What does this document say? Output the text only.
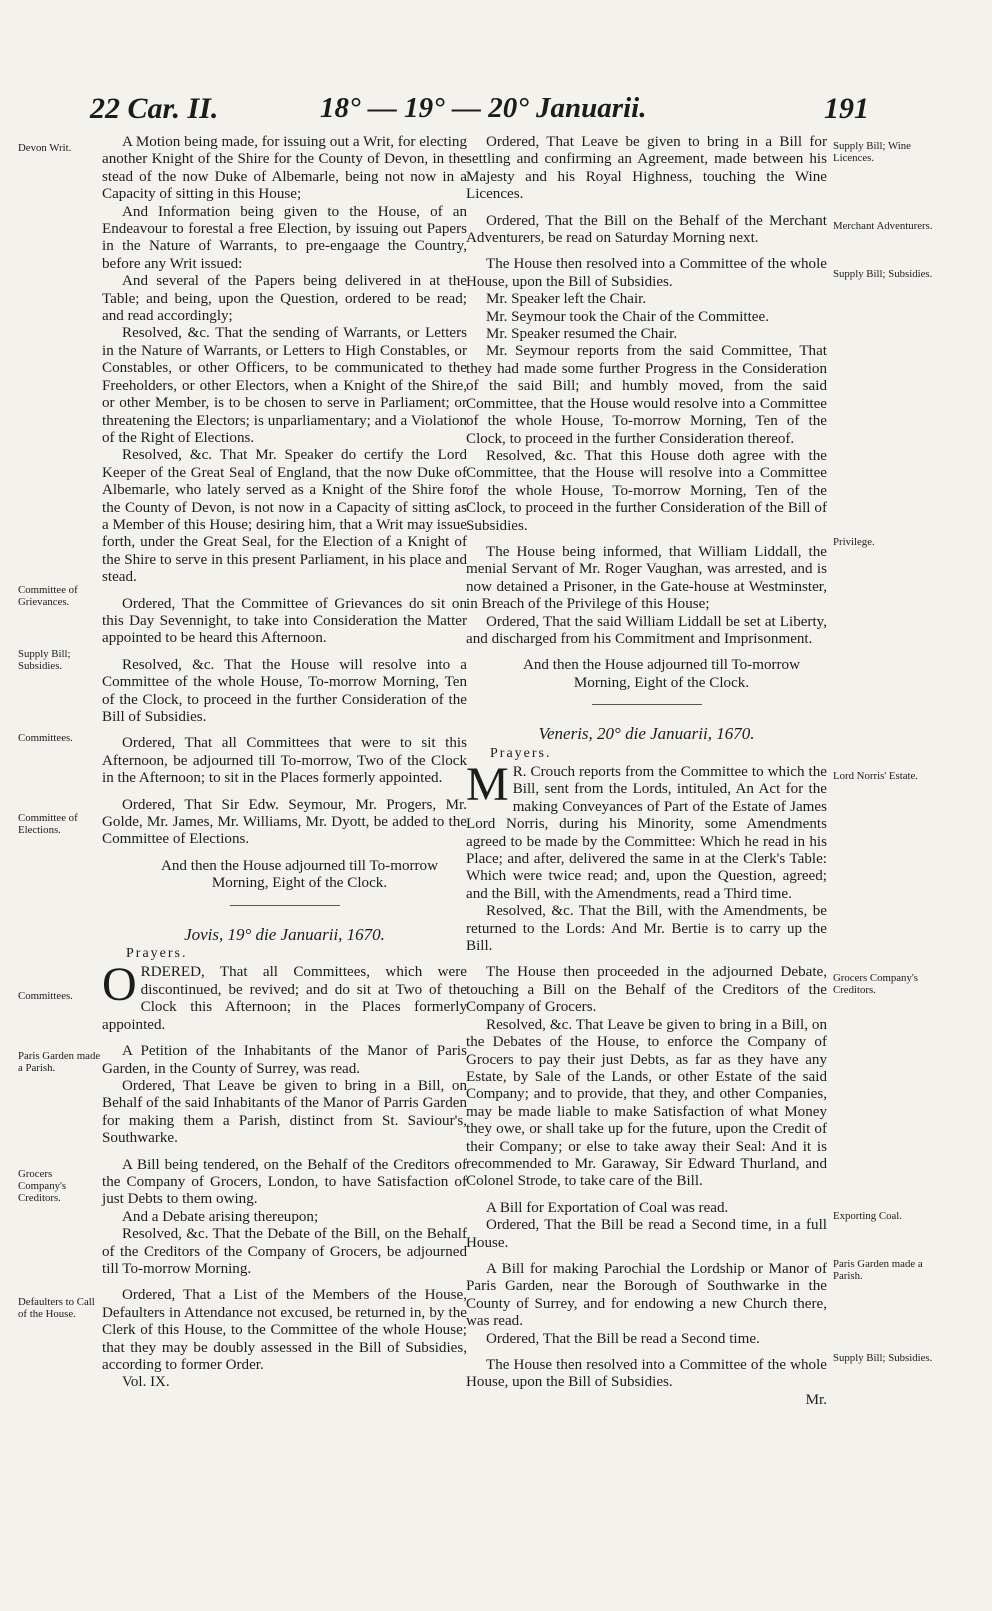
22 Car. II.	18° — 19° — 20° Januarii.	191
Devon Writ.
Committee of Grievances.
Supply Bill; Subsidies.
Committees.
Committee of Elections.
Committees.
Paris Garden made a Parish.
Grocers Company's Creditors.
Defaulters to Call of the House.
Supply Bill; Wine Licences.
Merchant Adventurers.
Supply Bill; Subsidies.
Privilege.
Lord Norris' Estate.
Grocers Company's Creditors.
Exporting Coal.
Paris Garden made a Parish.
Supply Bill; Subsidies.

A Motion being made, for issuing out a Writ, for electing another Knight of the Shire for the County of Devon, in the stead of the now Duke of Albemarle, being not now in a Capacity of sitting in this House;

And Information being given to the House, of an Endeavour to forestal a free Election, by issuing out Papers in the Nature of Warrants, to pre-engaage the Country, before any Writ issued:

And several of the Papers being delivered in at the Table; and being, upon the Question, ordered to be read; and read accordingly;

Resolved, &c. That the sending of Warrants, or Letters in the Nature of Warrants, or Letters to High Constables, or Constables, or other Officers, to be communicated to the Freeholders, or other Electors, when a Knight of the Shire, or other Member, is to be chosen to serve in Parliament; or threatening the Electors; is unparliamentary; and a Violation of the Right of Elections.

Resolved, &c. That Mr. Speaker do certify the Lord Keeper of the Great Seal of England, that the now Duke of Albemarle, who lately served as a Knight of the Shire for the County of Devon, is not now in a Capacity of sitting as a Member of this House; desiring him, that a Writ may issue forth, under the Great Seal, for the Election of a Knight of the Shire to serve in this present Parliament, in his place and stead.

Ordered, That the Committee of Grievances do sit on this Day Sevennight, to take into Consideration the Matter appointed to be heard this Afternoon.

Resolved, &c. That the House will resolve into a Committee of the whole House, To-morrow Morning, Ten of the Clock, to proceed in the further Consideration of the Bill of Subsidies.

Ordered, That all Committees that were to sit this Afternoon, be adjourned till To-morrow, Two of the Clock in the Afternoon; to sit in the Places formerly appointed.

Ordered, That Sir Edw. Seymour, Mr. Progers, Mr. Golde, Mr. James, Mr. Williams, Mr. Dyott, be added to the Committee of Elections.

And then the House adjourned till To-morrow Morning, Eight of the Clock.

Jovis, 19° die Januarii, 1670.
Prayers.

ORDERED, That all Committees, which were discontinued, be revived; and do sit at Two of the Clock this Afternoon; in the Places formerly appointed.

A Petition of the Inhabitants of the Manor of Paris Garden, in the County of Surrey, was read.

Ordered, That Leave be given to bring in a Bill, on Behalf of the said Inhabitants of the Manor of Parris Garden for making them a Parish, distinct from St. Saviour's, Southwarke.

A Bill being tendered, on the Behalf of the Creditors of the Company of Grocers, London, to have Satisfaction of just Debts to them owing.

And a Debate arising thereupon;

Resolved, &c. That the Debate of the Bill, on the Behalf of the Creditors of the Company of Grocers, be adjourned till To-morrow Morning.

Ordered, That a List of the Members of the House, Defaulters in Attendance not excused, be returned in, by the Clerk of this House, to the Committee of the whole House; that they may be doubly assessed in the Bill of Subsidies, according to former Order.

Vol. IX.

Ordered, That Leave be given to bring in a Bill for settling and confirming an Agreement, made between his Majesty and his Royal Highness, touching the Wine Licences.

Ordered, That the Bill on the Behalf of the Merchant Adventurers, be read on Saturday Morning next.

The House then resolved into a Committee of the whole House, upon the Bill of Subsidies.

Mr. Speaker left the Chair.

Mr. Seymour took the Chair of the Committee.

Mr. Speaker resumed the Chair.

Mr. Seymour reports from the said Committee, That they had made some further Progress in the Consideration of the said Bill; and humbly moved, from the said Committee, that the House would resolve into a Committee of the whole House, To-morrow Morning, Ten of the Clock, to proceed in the further Consideration thereof.

Resolved, &c. That this House doth agree with the Committee, that the House will resolve into a Committee of the whole House, To-morrow Morning, Ten of the Clock, to proceed in the further Consideration of the Bill of Subsidies.

The House being informed, that William Liddall, the menial Servant of Mr. Roger Vaughan, was arrested, and is now detained a Prisoner, in the Gate-house at Westminster, in Breach of the Privilege of this House;

Ordered, That the said William Liddall be set at Liberty, and discharged from his Commitment and Imprisonment.

And then the House adjourned till To-morrow Morning, Eight of the Clock.

Veneris, 20° die Januarii, 1670.
Prayers.

M R. Crouch reports from the Committee to which the Bill, sent from the Lords, intituled, An Act for the making Conveyances of Part of the Estate of James Lord Norris, during his Minority, some Amendments agreed to be made by the Committee: Which he read in his Place; and after, delivered the same in at the Clerk's Table: Which were twice read; and, upon the Question, agreed; and the Bill, with the Amendments, read a Third time.

Resolved, &c. That the Bill, with the Amendments, be returned to the Lords: And Mr. Bertie is to carry up the Bill.

The House then proceeded in the adjourned Debate, touching a Bill on the Behalf of the Creditors of the Company of Grocers.

Resolved, &c. That Leave be given to bring in a Bill, on the Debates of the House, to enforce the Company of Grocers to pay their just Debts, as far as they have any Estate, by Sale of the Lands, or other Estate of the said Company; and to provide, that they, and other Companies, may be made liable to make Satisfaction of what Money they owe, or shall take up for the future, upon the Credit of their Company; or else to take away their Seal: And it is recommended to Mr. Garaway, Sir Edward Thurland, and Colonel Strode, to take care of the Bill.

A Bill for Exportation of Coal was read.

Ordered, That the Bill be read a Second time, in a full House.

A Bill for making Parochial the Lordship or Manor of Paris Garden, near the Borough of Southwarke in the County of Surrey, and for endowing a new Church there, was read.

Ordered, That the Bill be read a Second time.

The House then resolved into a Committee of the whole House, upon the Bill of Subsidies.

Mr.
